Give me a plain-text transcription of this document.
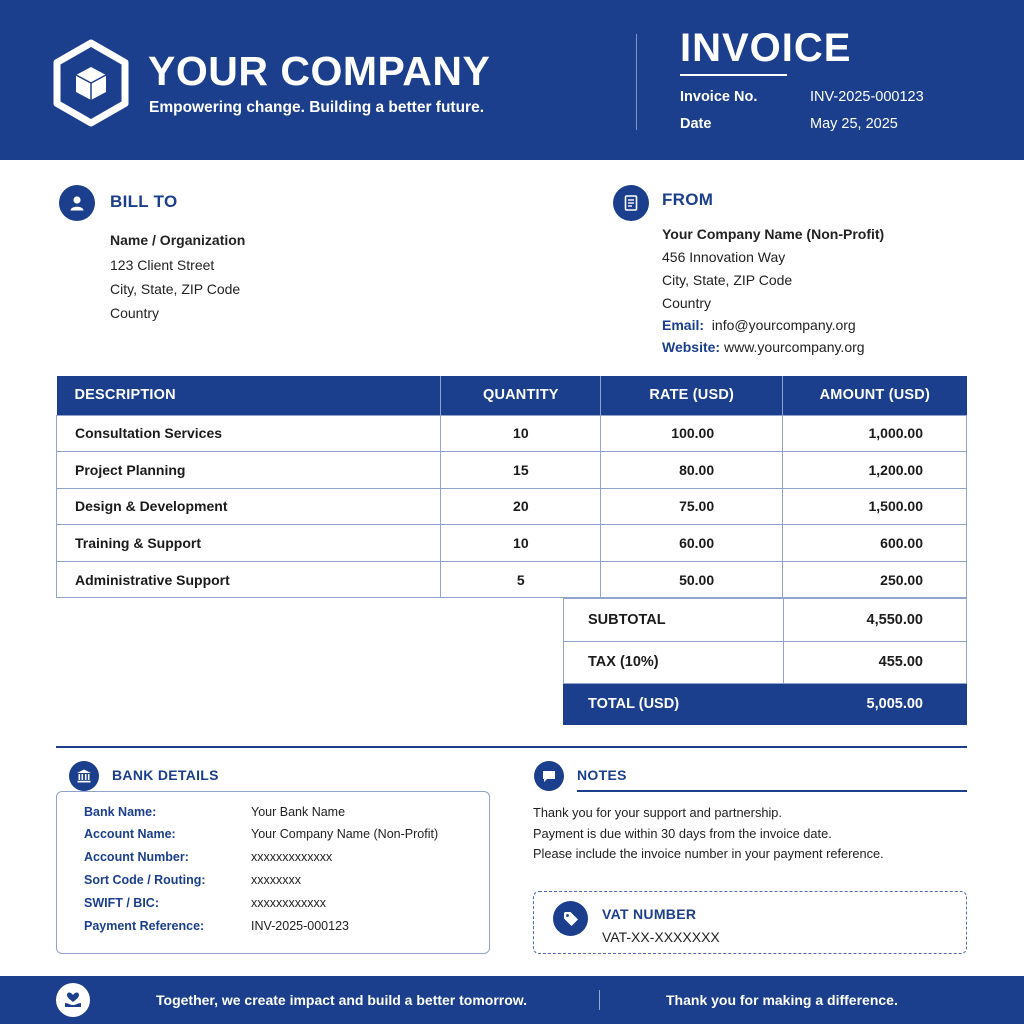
YOUR COMPANY
Empowering change. Building a better future.
INVOICE
Invoice No.	INV-2025-000123
Date	May 25, 2025
BILL TO
Name / Organization
123 Client Street
City, State, ZIP Code
Country
FROM
Your Company Name (Non-Profit)
456 Innovation Way
City, State, ZIP Code
Country
Email: info@yourcompany.org
Website: www.yourcompany.org
DESCRIPTION	QUANTITY	RATE (USD)	AMOUNT (USD)
Consultation Services	10	100.00	1,000.00
Project Planning	15	80.00	1,200.00
Design & Development	20	75.00	1,500.00
Training & Support	10	60.00	600.00
Administrative Support	5	50.00	250.00
SUBTOTAL	4,550.00
TAX (10%)	455.00
TOTAL (USD)	5,005.00
BANK DETAILS
Bank Name:	Your Bank Name
Account Name:	Your Company Name (Non-Profit)
Account Number:	xxxxxxxxxxxxx
Sort Code / Routing:	xxxxxxxx
SWIFT / BIC:	xxxxxxxxxxxx
Payment Reference:	INV-2025-000123
NOTES
Thank you for your support and partnership.
Payment is due within 30 days from the invoice date.
Please include the invoice number in your payment reference.
VAT NUMBER
VAT-XX-XXXXXXX
Together, we create impact and build a better tomorrow.	Thank you for making a difference.
